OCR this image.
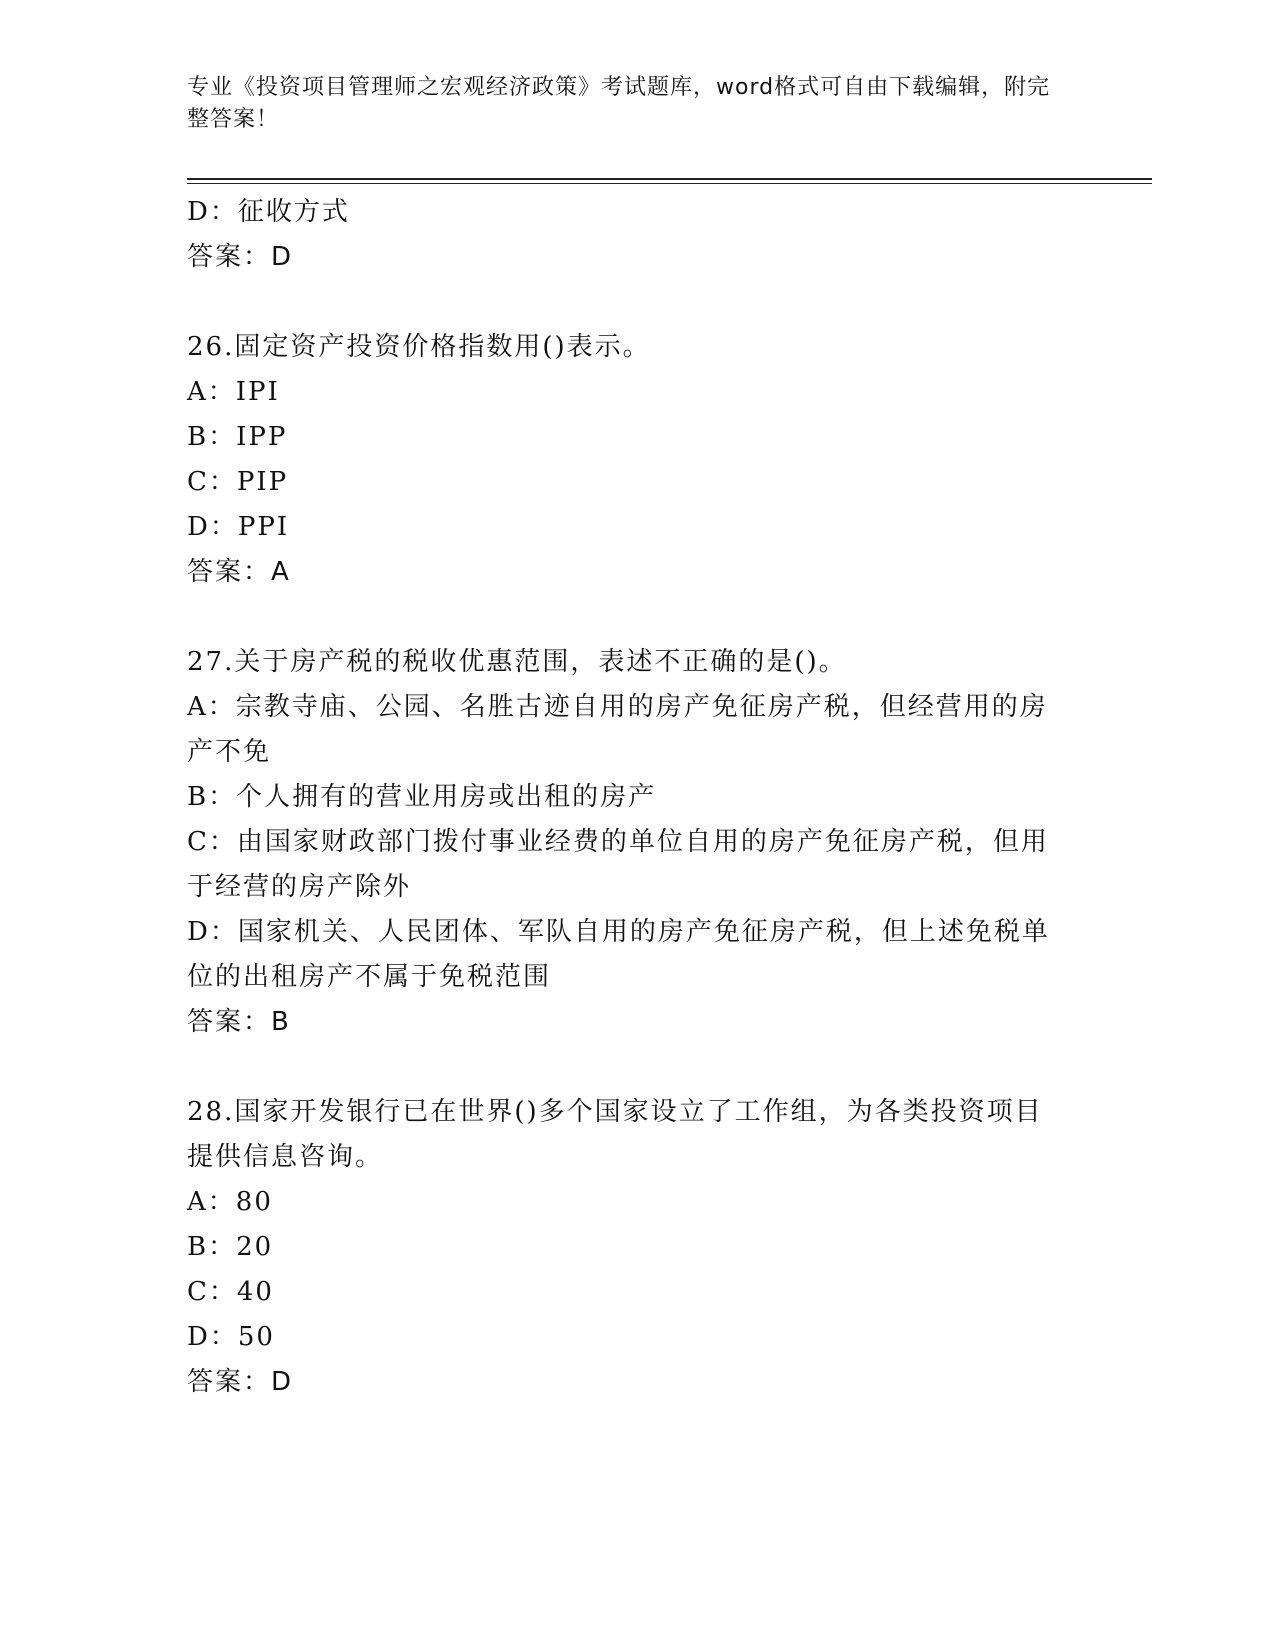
专业《投资项目管理师之宏观经济政策》考试题库，word格式可自由下载编辑，附完整答案！

D：征收方式

答案：D

26.固定资产投资价格指数用()表示。

A：IPI

B：IPP

C：PIP

D：PPI

答案：A

27.关于房产税的税收优惠范围，表述不正确的是()。

A：宗教寺庙、公园、名胜古迹自用的房产免征房产税，但经营用的房产不免

B：个人拥有的营业用房或出租的房产

C：由国家财政部门拨付事业经费的单位自用的房产免征房产税，但用于经营的房产除外

D：国家机关、人民团体、军队自用的房产免征房产税，但上述免税单位的出租房产不属于免税范围

答案：B

28.国家开发银行已在世界()多个国家设立了工作组，为各类投资项目提供信息咨询。

A：80

B：20

C：40

D：50

答案：D
